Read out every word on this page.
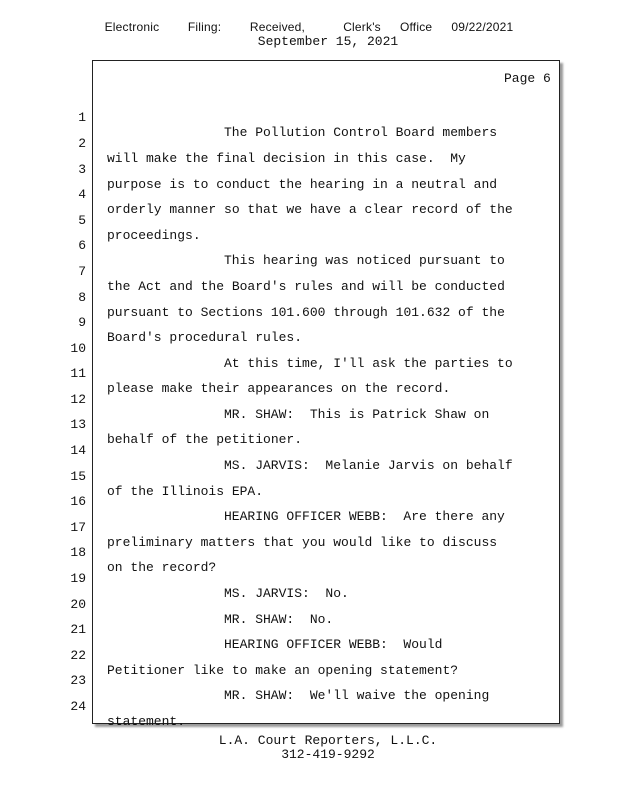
Electronic   Filing:   Received,    Clerk's  Office  09/22/2021
September 15, 2021
Page 6

1

The Pollution Control Board members

2

will make the final decision in this case.  My

3

purpose is to conduct the hearing in a neutral and

4

orderly manner so that we have a clear record of the

5

proceedings.

6

This hearing was noticed pursuant to

7

the Act and the Board's rules and will be conducted

8

pursuant to Sections 101.600 through 101.632 of the

9

Board's procedural rules.

10

At this time, I'll ask the parties to

11

please make their appearances on the record.

12

MR. SHAW:  This is Patrick Shaw on

13

behalf of the petitioner.

14

MS. JARVIS:  Melanie Jarvis on behalf

15

of the Illinois EPA.

16

HEARING OFFICER WEBB:  Are there any

17

preliminary matters that you would like to discuss

18

on the record?

19

MS. JARVIS:  No.

20

MR. SHAW:  No.

21

HEARING OFFICER WEBB:  Would

22

Petitioner like to make an opening statement?

23

MR. SHAW:  We'll waive the opening

24

statement.

L.A. Court Reporters, L.L.C.
312-419-9292
